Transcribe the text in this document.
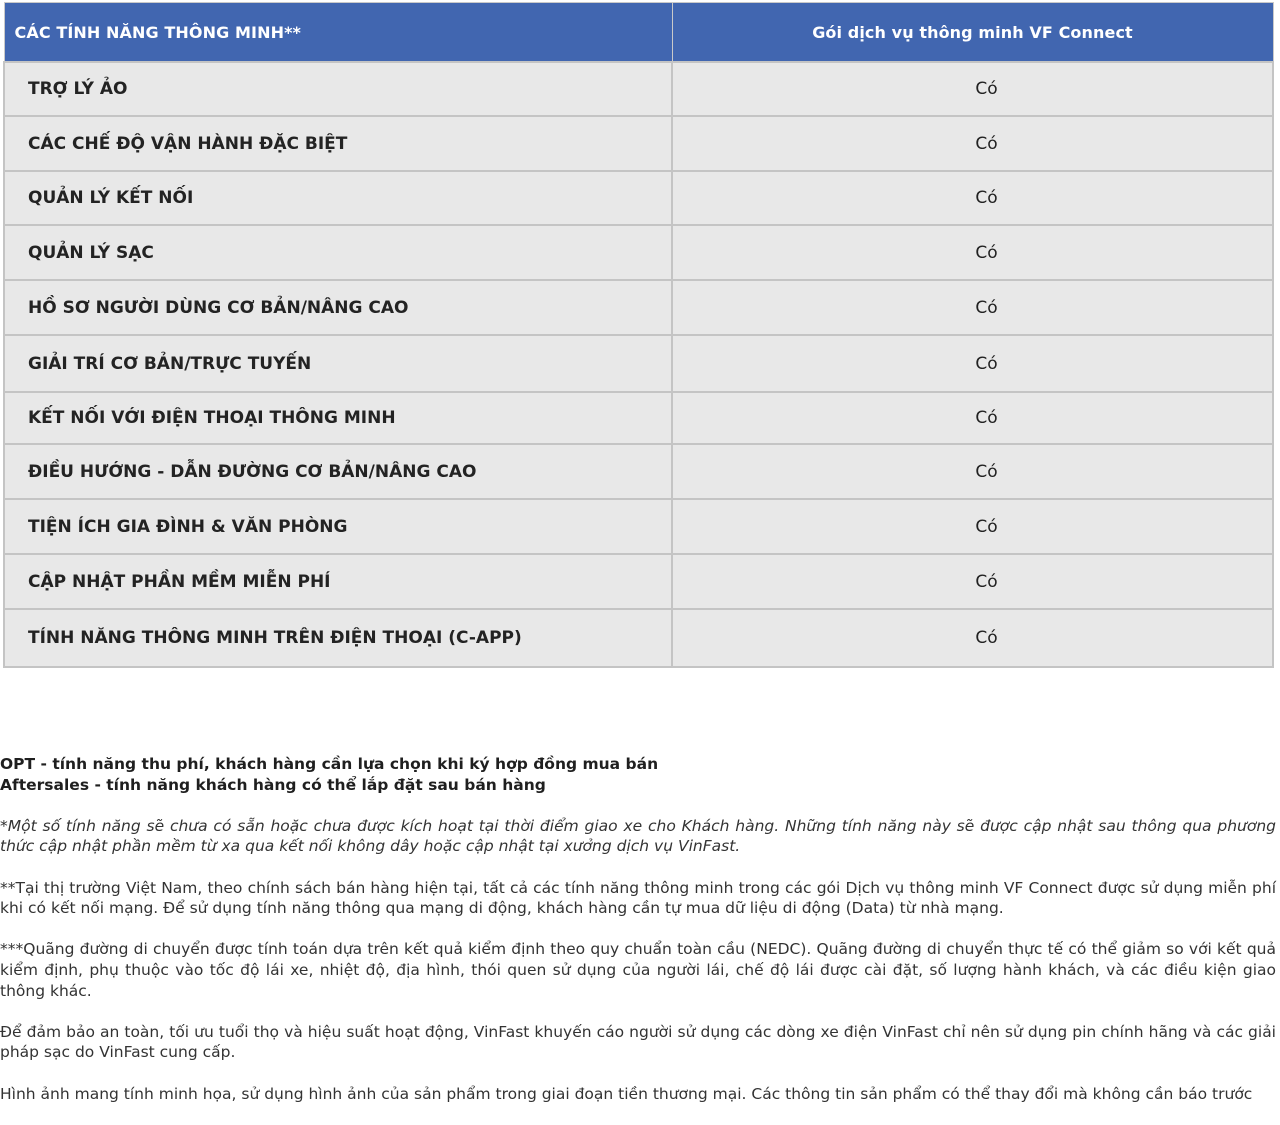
CÁC TÍNH NĂNG THÔNG MINH**	Gói dịch vụ thông minh VF Connect
TRỢ LÝ ẢO	Có
CÁC CHẾ ĐỘ VẬN HÀNH ĐẶC BIỆT	Có
QUẢN LÝ KẾT NỐI	Có
QUẢN LÝ SẠC	Có
HỒ SƠ NGƯỜI DÙNG CƠ BẢN/NÂNG CAO	Có
GIẢI TRÍ CƠ BẢN/TRỰC TUYẾN	Có
KẾT NỐI VỚI ĐIỆN THOẠI THÔNG MINH	Có
ĐIỀU HƯỚNG - DẪN ĐƯỜNG CƠ BẢN/NÂNG CAO	Có
TIỆN ÍCH GIA ĐÌNH & VĂN PHÒNG	Có
CẬP NHẬT PHẦN MỀM MIỄN PHÍ	Có
TÍNH NĂNG THÔNG MINH TRÊN ĐIỆN THOẠI (C-APP)	Có
OPT - tính năng thu phí, khách hàng cần lựa chọn khi ký hợp đồng mua bán
Aftersales - tính năng khách hàng có thể lắp đặt sau bán hàng

*Một số tính năng sẽ chưa có sẵn hoặc chưa được kích hoạt tại thời điểm giao xe cho Khách hàng. Những tính năng này sẽ được cập nhật sau thông qua phương thức cập nhật phần mềm từ xa qua kết nối không dây hoặc cập nhật tại xưởng dịch vụ VinFast.

**Tại thị trường Việt Nam, theo chính sách bán hàng hiện tại, tất cả các tính năng thông minh trong các gói Dịch vụ thông minh VF Connect được sử dụng miễn phí khi có kết nối mạng. Để sử dụng tính năng thông qua mạng di động, khách hàng cần tự mua dữ liệu di động (Data) từ nhà mạng.

***Quãng đường di chuyển được tính toán dựa trên kết quả kiểm định theo quy chuẩn toàn cầu (NEDC). Quãng đường di chuyển thực tế có thể giảm so với kết quả kiểm định, phụ thuộc vào tốc độ lái xe, nhiệt độ, địa hình, thói quen sử dụng của người lái, chế độ lái được cài đặt, số lượng hành khách, và các điều kiện giao thông khác.

Để đảm bảo an toàn, tối ưu tuổi thọ và hiệu suất hoạt động, VinFast khuyến cáo người sử dụng các dòng xe điện VinFast chỉ nên sử dụng pin chính hãng và các giải pháp sạc do VinFast cung cấp.

Hình ảnh mang tính minh họa, sử dụng hình ảnh của sản phẩm trong giai đoạn tiền thương mại. Các thông tin sản phẩm có thể thay đổi mà không cần báo trước
